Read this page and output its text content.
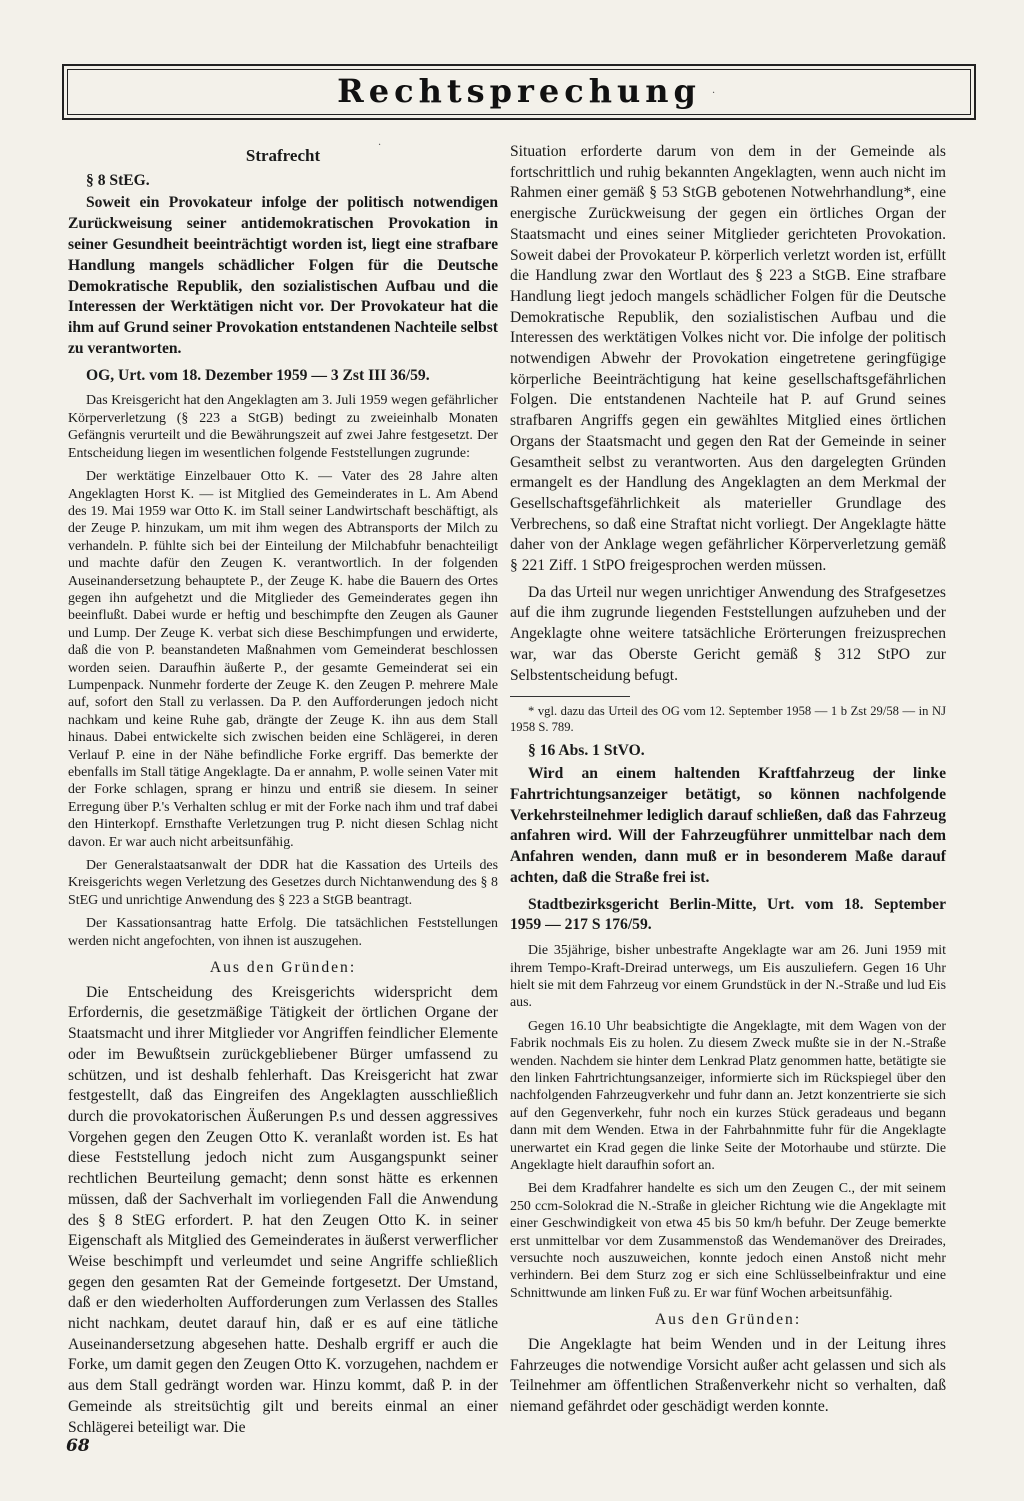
Rechtsprechung	·
·
Strafrecht
§ 8 StEG.

Soweit ein Provokateur infolge der politisch notwendigen Zurückweisung seiner antidemokratischen Provokation in seiner Gesundheit beeinträchtigt worden ist, liegt eine strafbare Handlung mangels schädlicher Folgen für die Deutsche Demokratische Republik, den sozialistischen Aufbau und die Interessen der Werktätigen nicht vor. Der Provokateur hat die ihm auf Grund seiner Provokation entstandenen Nachteile selbst zu verantworten.

OG, Urt. vom 18. Dezember 1959 — 3 Zst III 36/59.

Das Kreisgericht hat den Angeklagten am 3. Juli 1959 wegen gefährlicher Körperverletzung (§ 223 a StGB) bedingt zu zweieinhalb Monaten Gefängnis verurteilt und die Bewährungszeit auf zwei Jahre festgesetzt. Der Entscheidung liegen im wesentlichen folgende Feststellungen zugrunde:

Der werktätige Einzelbauer Otto K. — Vater des 28 Jahre alten Angeklagten Horst K. — ist Mitglied des Gemeinderates in L. Am Abend des 19. Mai 1959 war Otto K. im Stall seiner Landwirtschaft beschäftigt, als der Zeuge P. hinzukam, um mit ihm wegen des Abtransports der Milch zu verhandeln. P. fühlte sich bei der Einteilung der Milchabfuhr benachteiligt und machte dafür den Zeugen K. verantwortlich. In der folgenden Auseinandersetzung behauptete P., der Zeuge K. habe die Bauern des Ortes gegen ihn aufgehetzt und die Mitglieder des Gemeinderates gegen ihn beeinflußt. Dabei wurde er heftig und beschimpfte den Zeugen als Gauner und Lump. Der Zeuge K. verbat sich diese Beschimpfungen und erwiderte, daß die von P. beanstandeten Maßnahmen vom Gemeinderat beschlossen worden seien. Daraufhin äußerte P., der gesamte Gemeinderat sei ein Lumpenpack. Nunmehr forderte der Zeuge K. den Zeugen P. mehrere Male auf, sofort den Stall zu verlassen. Da P. den Aufforderungen jedoch nicht nachkam und keine Ruhe gab, drängte der Zeuge K. ihn aus dem Stall hinaus. Dabei entwickelte sich zwischen beiden eine Schlägerei, in deren Verlauf P. eine in der Nähe befindliche Forke ergriff. Das bemerkte der ebenfalls im Stall tätige Angeklagte. Da er annahm, P. wolle seinen Vater mit der Forke schlagen, sprang er hinzu und entriß sie diesem. In seiner Erregung über P.'s Verhalten schlug er mit der Forke nach ihm und traf dabei den Hinterkopf. Ernsthafte Verletzungen trug P. nicht diesen Schlag nicht davon. Er war auch nicht arbeitsunfähig.

Der Generalstaatsanwalt der DDR hat die Kassation des Urteils des Kreisgerichts wegen Verletzung des Gesetzes durch Nichtanwendung des § 8 StEG und unrichtige Anwendung des § 223 a StGB beantragt.

Der Kassationsantrag hatte Erfolg. Die tatsächlichen Feststellungen werden nicht angefochten, von ihnen ist auszugehen.

Aus den Gründen:

Die Entscheidung des Kreisgerichts widerspricht dem Erfordernis, die gesetzmäßige Tätigkeit der örtlichen Organe der Staatsmacht und ihrer Mitglieder vor Angriffen feindlicher Elemente oder im Bewußtsein zurückgebliebener Bürger umfassend zu schützen, und ist deshalb fehlerhaft. Das Kreisgericht hat zwar festgestellt, daß das Eingreifen des Angeklagten ausschließlich durch die provokatorischen Äußerungen P.s und dessen aggressives Vorgehen gegen den Zeugen Otto K. veranlaßt worden ist. Es hat diese Feststellung jedoch nicht zum Ausgangspunkt seiner rechtlichen Beurteilung gemacht; denn sonst hätte es erkennen müssen, daß der Sachverhalt im vorliegenden Fall die Anwendung des § 8 StEG erfordert. P. hat den Zeugen Otto K. in seiner Eigenschaft als Mitglied des Gemeinderates in äußerst verwerflicher Weise beschimpft und verleumdet und seine Angriffe schließlich gegen den gesamten Rat der Gemeinde fortgesetzt. Der Umstand, daß er den wiederholten Aufforderungen zum Verlassen des Stalles nicht nachkam, deutet darauf hin, daß er es auf eine tätliche Auseinandersetzung abgesehen hatte. Deshalb ergriff er auch die Forke, um damit gegen den Zeugen Otto K. vorzugehen, nachdem er aus dem Stall gedrängt worden war. Hinzu kommt, daß P. in der Gemeinde als streitsüchtig gilt und bereits einmal an einer Schlägerei beteiligt war. Die

Situation erforderte darum von dem in der Gemeinde als fortschrittlich und ruhig bekannten Angeklagten, wenn auch nicht im Rahmen einer gemäß § 53 StGB gebotenen Notwehrhandlung*, eine energische Zurückweisung der gegen ein örtliches Organ der Staatsmacht und eines seiner Mitglieder gerichteten Provokation. Soweit dabei der Provokateur P. körperlich verletzt worden ist, erfüllt die Handlung zwar den Wortlaut des § 223 a StGB. Eine strafbare Handlung liegt jedoch mangels schädlicher Folgen für die Deutsche Demokratische Republik, den sozialistischen Aufbau und die Interessen des werktätigen Volkes nicht vor. Die infolge der politisch notwendigen Abwehr der Provokation eingetretene geringfügige körperliche Beeinträchtigung hat keine gesellschaftsgefährlichen Folgen. Die entstandenen Nachteile hat P. auf Grund seines strafbaren Angriffs gegen ein gewähltes Mitglied eines örtlichen Organs der Staatsmacht und gegen den Rat der Gemeinde in seiner Gesamtheit selbst zu verantworten. Aus den dargelegten Gründen ermangelt es der Handlung des Angeklagten an dem Merkmal der Gesellschaftsgefährlichkeit als materieller Grundlage des Verbrechens, so daß eine Straftat nicht vorliegt. Der Angeklagte hätte daher von der Anklage wegen gefährlicher Körperverletzung gemäß § 221 Ziff. 1 StPO freigesprochen werden müssen.

Da das Urteil nur wegen unrichtiger Anwendung des Strafgesetzes auf die ihm zugrunde liegenden Feststellungen aufzuheben und der Angeklagte ohne weitere tatsächliche Erörterungen freizusprechen war, war das Oberste Gericht gemäß § 312 StPO zur Selbstentscheidung befugt.

* vgl. dazu das Urteil des OG vom 12. September 1958 — 1 b Zst 29/58 — in NJ 1958 S. 789.

§ 16 Abs. 1 StVO.

Wird an einem haltenden Kraftfahrzeug der linke Fahrtrichtungsanzeiger betätigt, so können nachfolgende Verkehrsteilnehmer lediglich darauf schließen, daß das Fahrzeug anfahren wird. Will der Fahrzeugführer unmittelbar nach dem Anfahren wenden, dann muß er in besonderem Maße darauf achten, daß die Straße frei ist.

Stadtbezirksgericht Berlin-Mitte, Urt. vom 18. September 1959 — 217 S 176/59.

Die 35jährige, bisher unbestrafte Angeklagte war am 26. Juni 1959 mit ihrem Tempo-Kraft-Dreirad unterwegs, um Eis auszuliefern. Gegen 16 Uhr hielt sie mit dem Fahrzeug vor einem Grundstück in der N.-Straße und lud Eis aus.

Gegen 16.10 Uhr beabsichtigte die Angeklagte, mit dem Wagen von der Fabrik nochmals Eis zu holen. Zu diesem Zweck mußte sie in der N.-Straße wenden. Nachdem sie hinter dem Lenkrad Platz genommen hatte, betätigte sie den linken Fahrtrichtungsanzeiger, informierte sich im Rückspiegel über den nachfolgenden Fahrzeugverkehr und fuhr dann an. Jetzt konzentrierte sie sich auf den Gegenverkehr, fuhr noch ein kurzes Stück geradeaus und begann dann mit dem Wenden. Etwa in der Fahrbahnmitte fuhr für die Angeklagte unerwartet ein Krad gegen die linke Seite der Motorhaube und stürzte. Die Angeklagte hielt daraufhin sofort an.

Bei dem Kradfahrer handelte es sich um den Zeugen C., der mit seinem 250 ccm-Solokrad die N.-Straße in gleicher Richtung wie die Angeklagte mit einer Geschwindigkeit von etwa 45 bis 50 km/h befuhr. Der Zeuge bemerkte erst unmittelbar vor dem Zusammenstoß das Wendemanöver des Dreirades, versuchte noch auszuweichen, konnte jedoch einen Anstoß nicht mehr verhindern. Bei dem Sturz zog er sich eine Schlüsselbeinfraktur und eine Schnittwunde am linken Fuß zu. Er war fünf Wochen arbeitsunfähig.

Aus den Gründen:

Die Angeklagte hat beim Wenden und in der Leitung ihres Fahrzeuges die notwendige Vorsicht außer acht gelassen und sich als Teilnehmer am öffentlichen Straßenverkehr nicht so verhalten, daß niemand gefährdet oder geschädigt werden konnte.

68
